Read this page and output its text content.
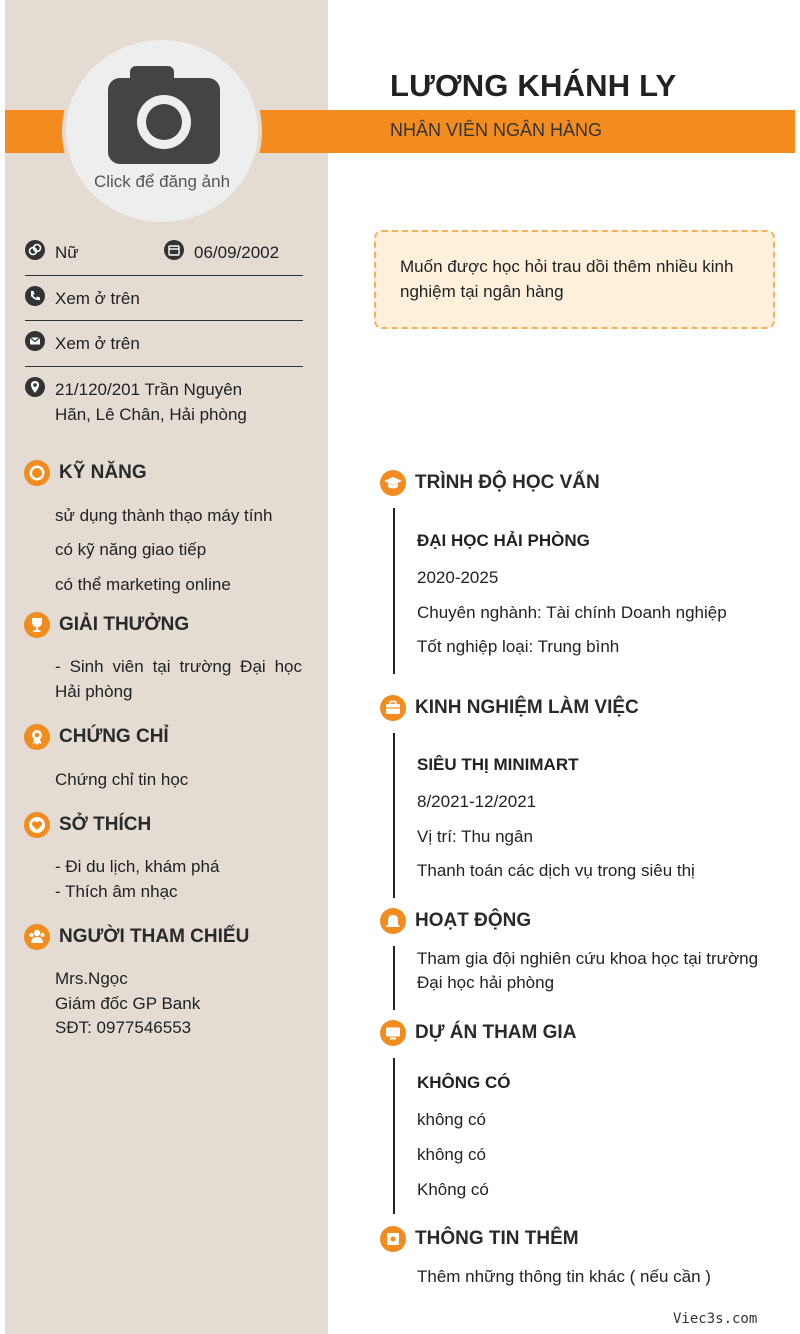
Click để đăng ảnh
LƯƠNG KHÁNH LY
NHÂN VIÊN NGÂN HÀNG
Nữ	06/09/2002
Xem ở trên
Xem ở trên
21/120/201 Trần Nguyên
Hãn, Lê Chân, Hải phòng
KỸ NĂNG
sử dụng thành thạo máy tính
có kỹ năng giao tiếp
có thể marketing online
GIẢI THƯỞNG
- Sinh viên tại trường Đại học Hải phòng
CHỨNG CHỈ
Chứng chỉ tin học
SỞ THÍCH
- Đi du lịch, khám phá
- Thích âm nhạc
NGƯỜI THAM CHIẾU
Mrs.Ngọc
Giám đốc GP Bank
SĐT: 0977546553
Muốn được học hỏi trau dồi thêm nhiều kinh nghiệm tại ngân hàng
TRÌNH ĐỘ HỌC VẤN
ĐẠI HỌC HẢI PHÒNG
2020-2025
Chuyên nghành: Tài chính Doanh nghiệp
Tốt nghiệp loại: Trung bình
KINH NGHIỆM LÀM VIỆC
SIÊU THỊ MINIMART
8/2021-12/2021
Vị trí: Thu ngân
Thanh toán các dịch vụ trong siêu thị
HOẠT ĐỘNG
Tham gia đội nghiên cứu khoa học tại trường
Đại học hải phòng
DỰ ÁN THAM GIA
KHÔNG CÓ
không có
không có
Không có
THÔNG TIN THÊM
Thêm những thông tin khác ( nếu cần )
Viec3s.com
